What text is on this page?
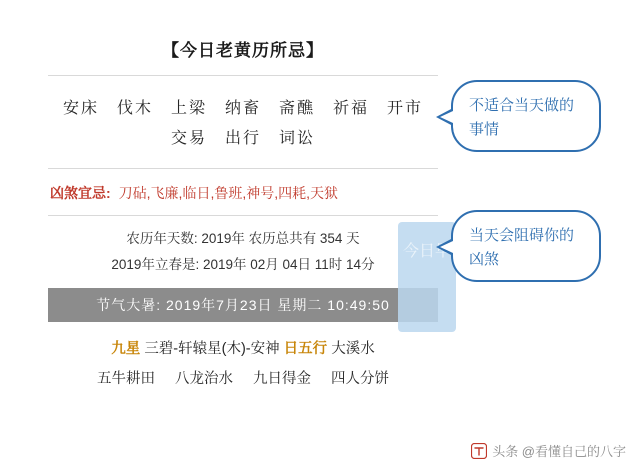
【今日老黄历所忌】
安床 伐木 上梁 纳畜 斋醮 祈福 开市
交易 出行 词讼
凶煞宜忌: 刀砧,飞廉,临日,鲁班,神号,四耗,天狱
农历年天数: 2019年 农历总共有 354 天
2019年立春是: 2019年 02月 04日 11时 14分
节气大暑: 2019年7月23日 星期二 10:49:50
九星 三碧-轩辕星(木)-安神 日五行 大溪水
五牛耕田 八龙治水 九日得金 四人分饼
今日早
不适合当天做的事情
当天会阻碍你的凶煞
头条 @看懂自己的八字
